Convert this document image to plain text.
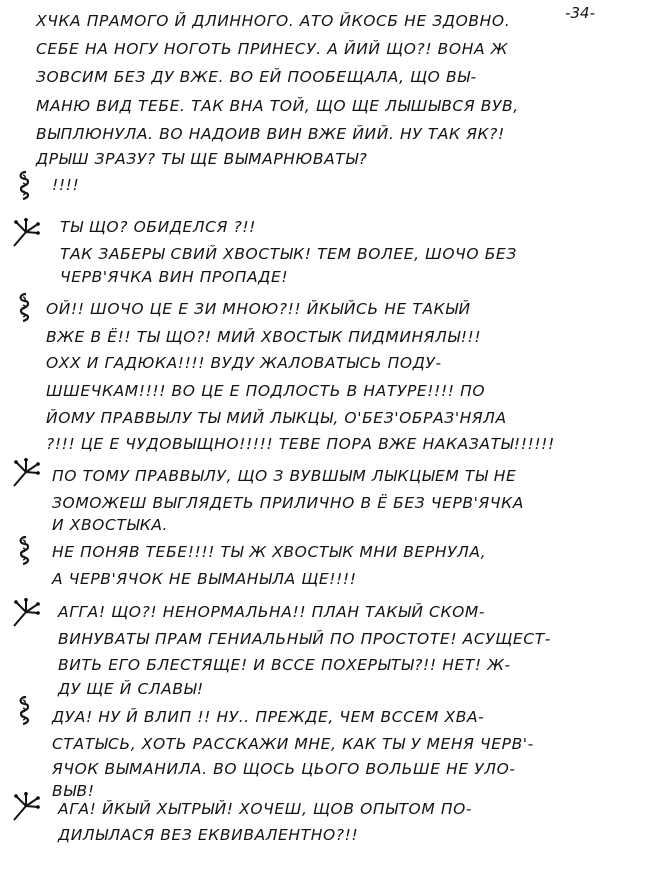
-34-
ХЧКА ПРАМОГО Й ДЛИННОГО. АТО ЙКОСБ НЕ ЗДОВНО.
СЕБЕ НА НОГУ НОГОТЬ ПРИНЕСУ. А ЙИЙ ЩО?! ВОНА Ж
ЗОВСИМ БЕЗ ДУ ВЖЕ. ВО ЕЙ ПООБЕЩАЛА, ЩО ВЫ-
МАНЮ ВИД ТЕБЕ. ТАК ВНА ТОЙ, ЩО ЩЕ ЛЫШЫВСЯ ВУВ,
ВЫПЛЮНУЛА. ВО НАДОИВ ВИН ВЖЕ ЙИЙ. НУ ТАК ЯК?!
ДРЫШ ЗРАЗУ? ТЫ ЩЕ ВЫМАРНЮВАТЫ?
!!!!
ТЫ ЩО? ОБИДЕЛСЯ ?!!
ТАК ЗАБЕРЫ СВИЙ ХВОСТЫК! ТЕМ ВОЛЕЕ, ШОЧО БЕЗ
ЧЕРВ'ЯЧКА ВИН ПРОПАДЕ!
ОЙ!! ШОЧО ЦЕ Е ЗИ МНОЮ?!! ЙКЫЙСЬ НЕ ТАКЫЙ
ВЖЕ В Ё!! ТЫ ЩО?! МИЙ ХВОСТЫК ПИДМИНЯЛЫ!!!
ОХХ И ГАДЮКА!!!! ВУДУ ЖАЛОВАТЫСЬ ПОДУ-
ШШЕЧКАМ!!!! ВО ЦЕ Е ПОДЛОСТЬ В НАТУРЕ!!!! ПО
ЙОМУ ПРАВВЫЛУ ТЫ МИЙ ЛЫКЦЫ, О'БЕЗ'ОБРАЗ'НЯЛА
?!!! ЦЕ Е ЧУДОВЫЩНО!!!!! ТЕВЕ ПОРА ВЖЕ НАКАЗАТЫ!!!!!!
ПО ТОМУ ПРАВВЫЛУ, ЩО З ВУВШЫМ ЛЫКЦЫЕМ ТЫ НЕ
ЗОМОЖЕШ ВЫГЛЯДЕТЬ ПРИЛИЧНО В Ё БЕЗ ЧЕРВ'ЯЧКА
И ХВОСТЫКА.
НЕ ПОНЯВ ТЕБЕ!!!! ТЫ Ж ХВОСТЫК МНИ ВЕРНУЛА,
А ЧЕРВ'ЯЧОК НЕ ВЫМАНЫЛА ЩЕ!!!!
АГГА! ЩО?! НЕНОРМАЛЬНА!! ПЛАН ТАКЫЙ СКОМ-
ВИНУВАТЫ ПРАМ ГЕНИАЛЬНЫЙ ПО ПРОСТОТЕ! АСУЩЕСТ-
ВИТЬ ЕГО БЛЕСТЯЩЕ! И ВССЕ ПОХЕРЫТЫ?!! НЕТ! Ж-
ДУ ЩЕ Й СЛАВЫ!
ДУА! НУ Й ВЛИП !! НУ.. ПРЕЖДЕ, ЧЕМ ВССЕМ ХВА-
СТАТЫСЬ, ХОТЬ РАССКАЖИ МНЕ, КАК ТЫ У МЕНЯ ЧЕРВ'-
ЯЧОК ВЫМАНИЛА. ВО ЩОСЬ ЦЬОГО ВОЛЬШЕ НЕ УЛО-
ВЫВ!
АГА! ЙКЫЙ ХЫТРЫЙ! ХОЧЕШ, ЩОВ ОПЫТОМ ПО-
ДИЛЫЛАСЯ ВЕЗ ЕКВИВАЛЕНТНО?!!
